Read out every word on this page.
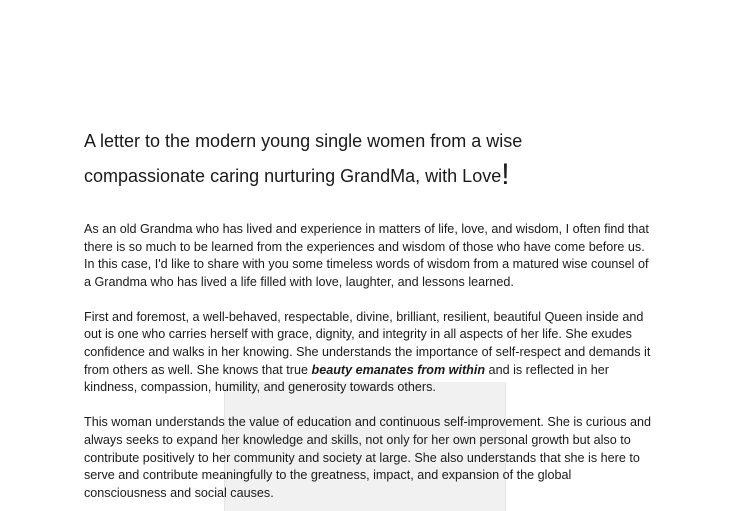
A letter to the modern young single women from a wise compassionate caring nurturing GrandMa, with Love!

As an old Grandma who has lived and experience in matters of life, love, and wisdom, I often find that there is so much to be learned from the experiences and wisdom of those who have come before us. In this case, I'd like to share with you some timeless words of wisdom from a matured wise counsel of a Grandma who has lived a life filled with love, laughter, and lessons learned.

First and foremost, a well-behaved, respectable, divine, brilliant, resilient, beautiful Queen inside and out is one who carries herself with grace, dignity, and integrity in all aspects of her life. She exudes confidence and walks in her knowing. She understands the importance of self-respect and demands it from others as well. She knows that true beauty emanates from within and is reflected in her kindness, compassion, humility, and generosity towards others.

This woman understands the value of education and continuous self-improvement. She is curious and always seeks to expand her knowledge and skills, not only for her own personal growth but also to contribute positively to her community and society at large. She also understands that she is here to serve and contribute meaningfully to the greatness, impact, and expansion of the global consciousness and social causes.
